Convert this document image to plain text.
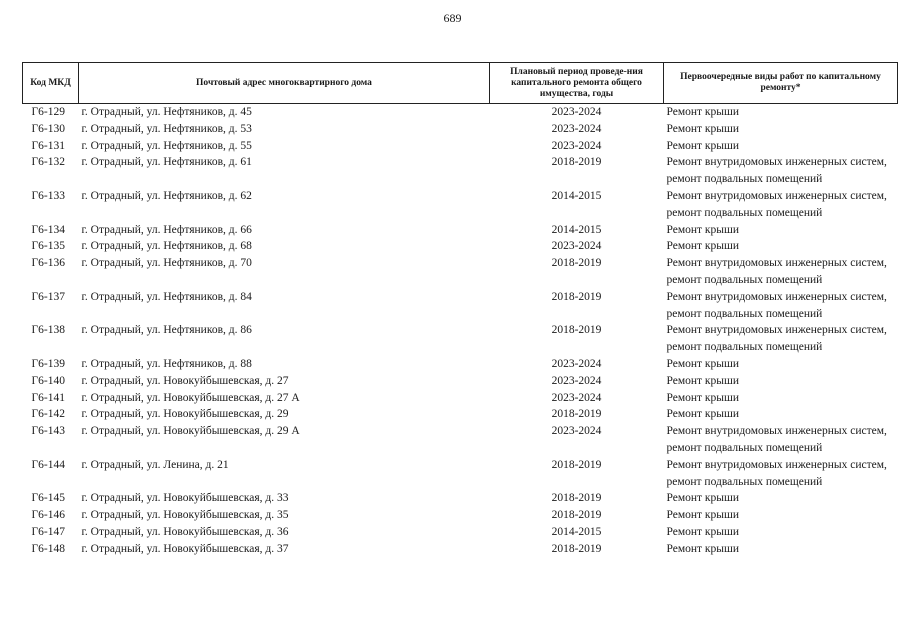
689
Код МКД	Почтовый адрес многоквартирного дома	Плановый период проведе-ния капитального ремонта общего имущества, годы	Первоочередные виды работ по капитальному ремонту*
Г6-129	г. Отрадный, ул. Нефтяников, д. 45	2023-2024	Ремонт крыши
Г6-130	г. Отрадный, ул. Нефтяников, д. 53	2023-2024	Ремонт крыши
Г6-131	г. Отрадный, ул. Нефтяников, д. 55	2023-2024	Ремонт крыши
Г6-132	г. Отрадный, ул. Нефтяников, д. 61	2018-2019	Ремонт внутридомовых инженерных систем, ремонт подвальных помещений
Г6-133	г. Отрадный, ул. Нефтяников, д. 62	2014-2015	Ремонт внутридомовых инженерных систем, ремонт подвальных помещений
Г6-134	г. Отрадный, ул. Нефтяников, д. 66	2014-2015	Ремонт крыши
Г6-135	г. Отрадный, ул. Нефтяников, д. 68	2023-2024	Ремонт крыши
Г6-136	г. Отрадный, ул. Нефтяников, д. 70	2018-2019	Ремонт внутридомовых инженерных систем, ремонт подвальных помещений
Г6-137	г. Отрадный, ул. Нефтяников, д. 84	2018-2019	Ремонт внутридомовых инженерных систем, ремонт подвальных помещений
Г6-138	г. Отрадный, ул. Нефтяников, д. 86	2018-2019	Ремонт внутридомовых инженерных систем, ремонт подвальных помещений
Г6-139	г. Отрадный, ул. Нефтяников, д. 88	2023-2024	Ремонт крыши
Г6-140	г. Отрадный, ул. Новокуйбышевская, д. 27	2023-2024	Ремонт крыши
Г6-141	г. Отрадный, ул. Новокуйбышевская, д. 27 А	2023-2024	Ремонт крыши
Г6-142	г. Отрадный, ул. Новокуйбышевская, д. 29	2018-2019	Ремонт крыши
Г6-143	г. Отрадный, ул. Новокуйбышевская, д. 29 А	2023-2024	Ремонт внутридомовых инженерных систем, ремонт подвальных помещений
Г6-144	г. Отрадный, ул. Ленина, д. 21	2018-2019	Ремонт внутридомовых инженерных систем, ремонт подвальных помещений
Г6-145	г. Отрадный, ул. Новокуйбышевская, д. 33	2018-2019	Ремонт крыши
Г6-146	г. Отрадный, ул. Новокуйбышевская, д. 35	2018-2019	Ремонт крыши
Г6-147	г. Отрадный, ул. Новокуйбышевская, д. 36	2014-2015	Ремонт крыши
Г6-148	г. Отрадный, ул. Новокуйбышевская, д. 37	2018-2019	Ремонт крыши
